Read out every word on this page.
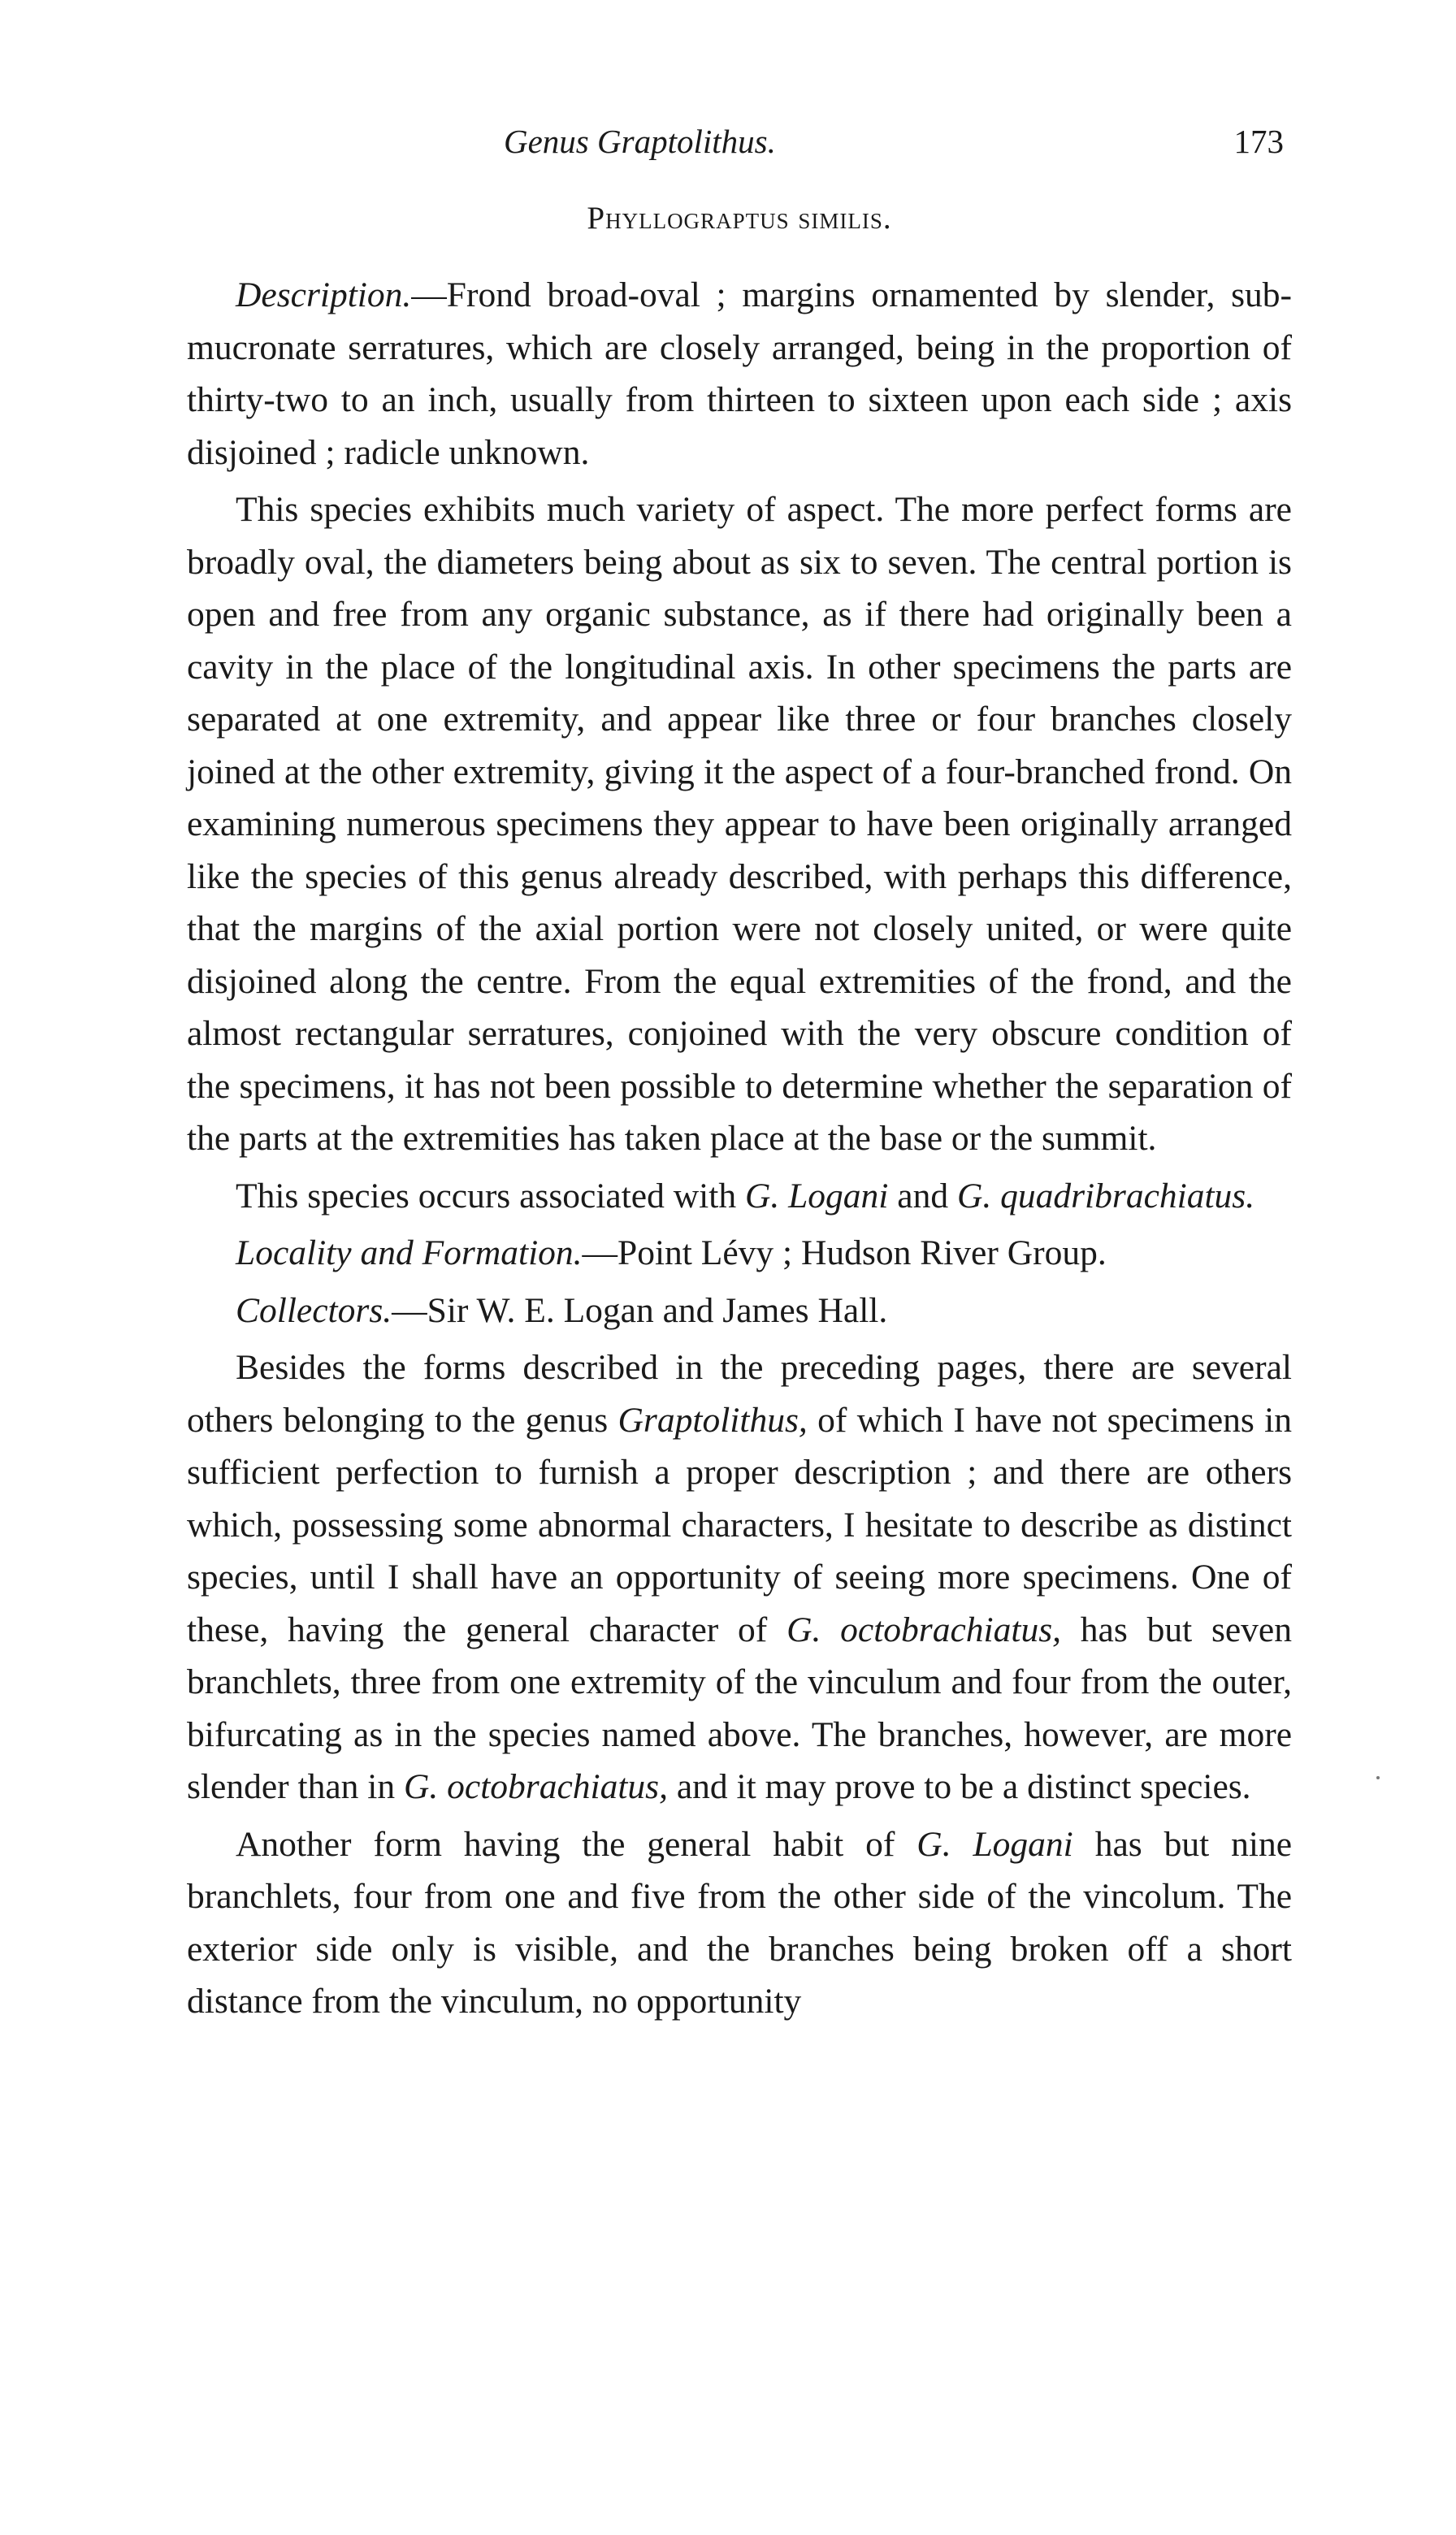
Genus Graptolithus.	173
Phyllograptus similis.

Description.—Frond broad-oval ; margins ornamented by slender, sub-mucronate serratures, which are closely arranged, being in the proportion of thirty-two to an inch, usually from thirteen to sixteen upon each side ; axis disjoined ; radicle unknown.

This species exhibits much variety of aspect. The more perfect forms are broadly oval, the diameters being about as six to seven. The central portion is open and free from any organic substance, as if there had originally been a cavity in the place of the longitudinal axis. In other specimens the parts are separated at one extremity, and appear like three or four branches closely joined at the other extremity, giving it the aspect of a four-branched frond. On examining numerous specimens they appear to have been originally arranged like the species of this genus already described, with perhaps this difference, that the margins of the axial portion were not closely united, or were quite disjoined along the centre. From the equal extremities of the frond, and the almost rectangular serratures, conjoined with the very obscure condition of the specimens, it has not been possible to determine whether the separation of the parts at the extremities has taken place at the base or the summit.

This species occurs associated with G. Logani and G. quadribrachiatus.

Locality and Formation.—Point Lévy ; Hudson River Group.

Collectors.—Sir W. E. Logan and James Hall.

Besides the forms described in the preceding pages, there are several others belonging to the genus Graptolithus, of which I have not specimens in sufficient perfection to furnish a proper description ; and there are others which, possessing some abnormal characters, I hesitate to describe as distinct species, until I shall have an opportunity of seeing more specimens. One of these, having the general character of G. octobrachiatus, has but seven branchlets, three from one extremity of the vinculum and four from the outer, bifurcating as in the species named above. The branches, however, are more slender than in G. octobrachiatus, and it may prove to be a distinct species.

Another form having the general habit of G. Logani has but nine branchlets, four from one and five from the other side of the vincolum. The exterior side only is visible, and the branches being broken off a short distance from the vinculum, no opportunity
